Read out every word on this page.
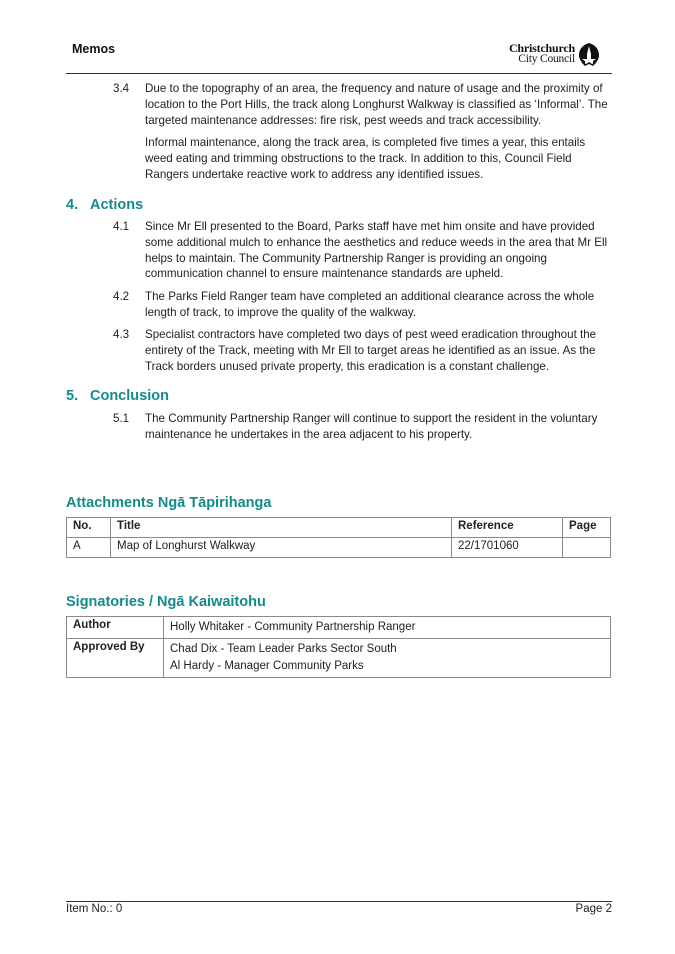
Memos	Christchurch
City Council
3.4 Due to the topography of an area, the frequency and nature of usage and the proximity of location to the Port Hills, the track along Longhurst Walkway is classified as ‘Informal’. The targeted maintenance addresses: fire risk, pest weeds and track accessibility.
Informal maintenance, along the track area, is completed five times a year, this entails weed eating and trimming obstructions to the track. In addition to this, Council Field Rangers undertake reactive work to address any identified issues.
4. Actions
4.1 Since Mr Ell presented to the Board, Parks staff have met him onsite and have provided some additional mulch to enhance the aesthetics and reduce weeds in the area that Mr Ell helps to maintain. The Community Partnership Ranger is providing an ongoing communication channel to ensure maintenance standards are upheld.
4.2 The Parks Field Ranger team have completed an additional clearance across the whole length of track, to improve the quality of the walkway.
4.3 Specialist contractors have completed two days of pest weed eradication throughout the entirety of the Track, meeting with Mr Ell to target areas he identified as an issue. As the Track borders unused private property, this eradication is a constant challenge.
5. Conclusion
5.1 The Community Partnership Ranger will continue to support the resident in the voluntary maintenance he undertakes in the area adjacent to his property.
Attachments Ngā Tāpirihanga
No.	Title	Reference	Page
A	Map of Longhurst Walkway	22/1701060	
Signatories / Ngā Kaiwaitohu
Author	Holly Whitaker - Community Partnership Ranger

Approved By	Chad Dix - Team Leader Parks Sector South
Al Hardy - Manager Community Parks
Item No.: 0	Page 2
